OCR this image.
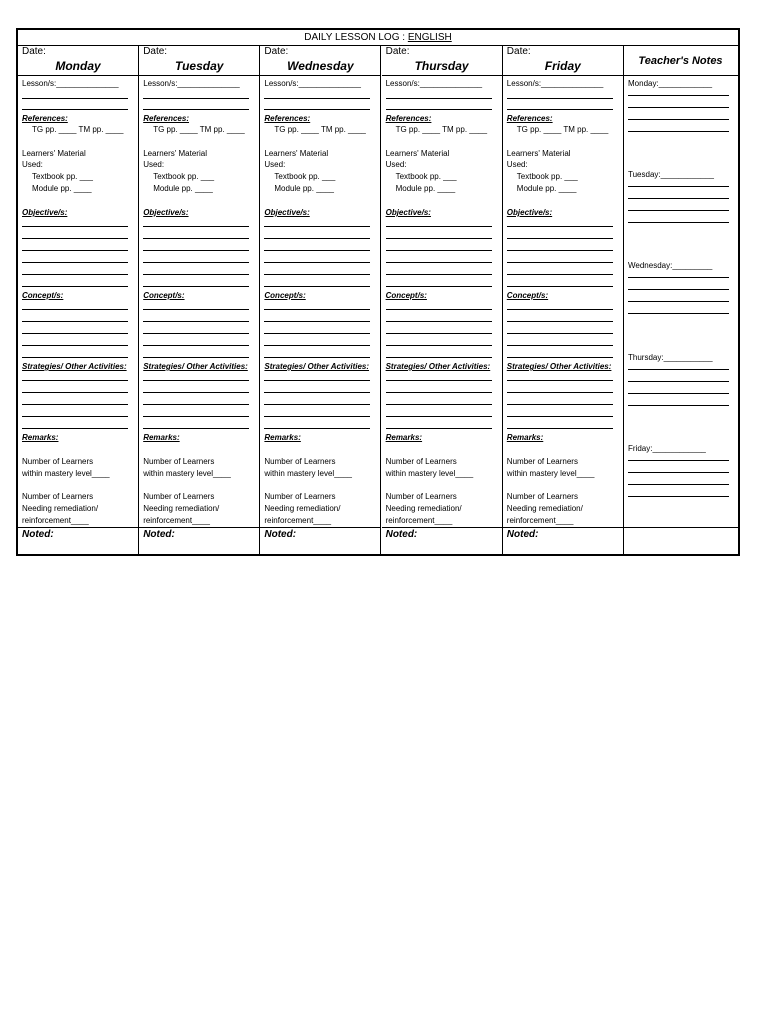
DAILY LESSON LOG : ENGLISH
Date:
Monday
Lesson/s:______________
References:
TG pp. ____ TM pp. ____
Learners' Material
Used:
Textbook pp. ___
Module pp. ____
Objective/s:
Concept/s:
Strategies/ Other Activities:
Remarks:
Number of Learners
within mastery level____
Number of Learners
Needing remediation/
reinforcement____
Noted:
Date:
Tuesday
Lesson/s:______________
References:
TG pp. ____ TM pp. ____
Learners' Material
Used:
Textbook pp. ___
Module pp. ____
Objective/s:
Concept/s:
Strategies/ Other Activities:
Remarks:
Number of Learners
within mastery level____
Number of Learners
Needing remediation/
reinforcement____
Noted:
Date:
Wednesday
Lesson/s:______________
References:
TG pp. ____ TM pp. ____
Learners' Material
Used:
Textbook pp. ___
Module pp. ____
Objective/s:
Concept/s:
Strategies/ Other Activities:
Remarks:
Number of Learners
within mastery level____
Number of Learners
Needing remediation/
reinforcement____
Noted:
Date:
Thursday
Lesson/s:______________
References:
TG pp. ____ TM pp. ____
Learners' Material
Used:
Textbook pp. ___
Module pp. ____
Objective/s:
Concept/s:
Strategies/ Other Activities:
Remarks:
Number of Learners
within mastery level____
Number of Learners
Needing remediation/
reinforcement____
Noted:
Date:
Friday
Lesson/s:______________
References:
TG pp. ____ TM pp. ____
Learners' Material
Used:
Textbook pp. ___
Module pp. ____
Objective/s:
Concept/s:
Strategies/ Other Activities:
Remarks:
Number of Learners
within mastery level____
Number of Learners
Needing remediation/
reinforcement____
Noted:
Teacher's Notes
Monday:____________
Tuesday:____________
Wednesday:_________
Thursday:___________
Friday:____________
